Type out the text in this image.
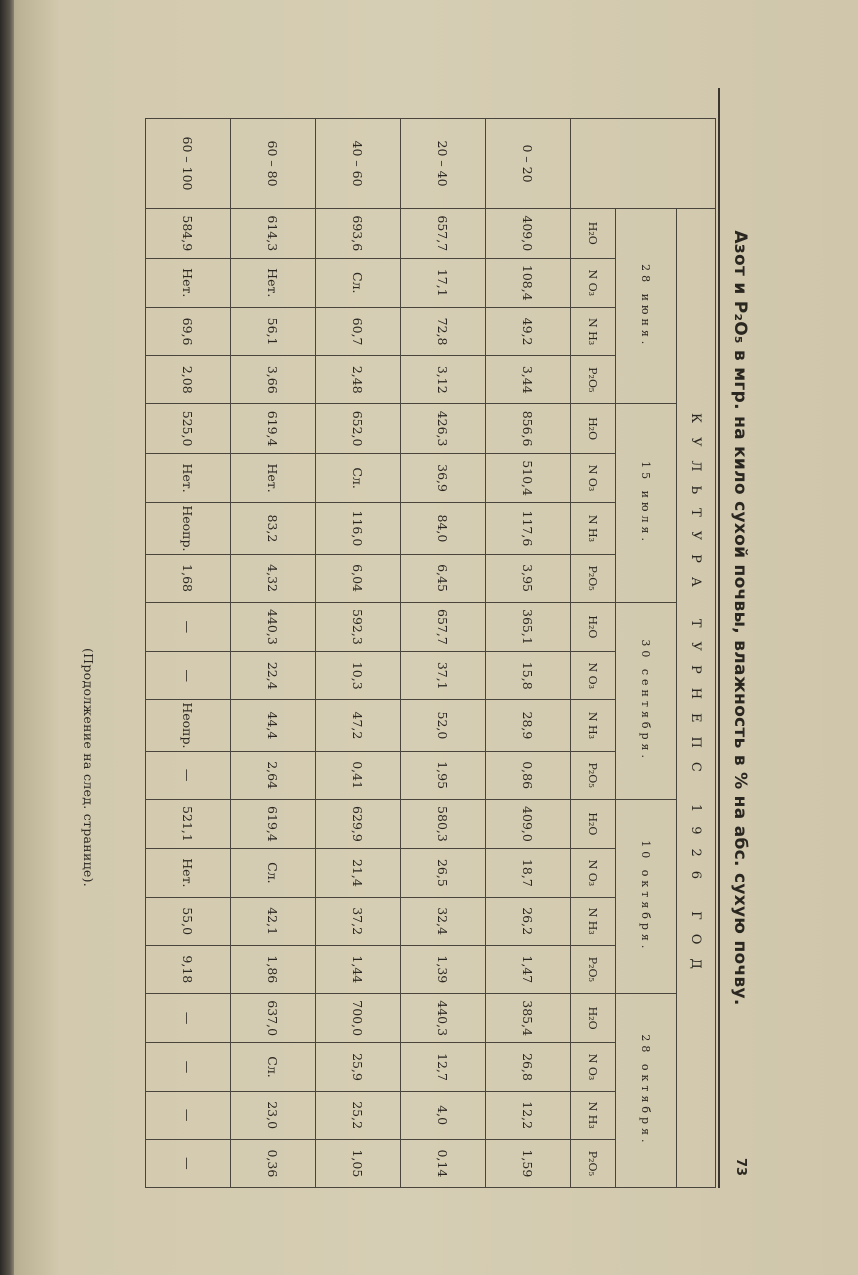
Азот и P₂O₅ в мгр. на кило сухой почвы, влажность в % на абс. сухую почву.
73
	КУЛЬТУРА ТУРНЕПС 1926 ГОД																			
	28 июня.				15 июля.				30 сентября.				10 октября.				28 октября.			
	H₂O	N O₃	N H₃	P₂O₅	H₂O	N O₃	N H₃	P₂O₅	H₂O	N O₃	N H₃	P₂O₅	H₂O	N O₃	N H₃	P₂O₅	H₂O	N O₃	N H₃	P₂O₅
0 – 20	409,0	108,4	49,2	3,44	856,6	510,4	117,6	3,95	365,1	15,8	28,9	0,86	409,0	18,7	26,2	1,47	385,4	26,8	12,2	1,59
20 – 40	657,7	17,1	72,8	3,12	426,3	36,9	84,0	6,45	657,7	37,1	52,0	1,95	580,3	26,5	32,4	1,39	440,3	12,7	4,0	0,14
40 – 60	693,6	Сл.	60,7	2,48	652,0	Сл.	116,0	6,04	592,3	10,3	47,2	0,41	629,9	21,4	37,2	1,44	700,0	25,9	25,2	1,05
60 – 80	614,3	Нет.	56,1	3,66	619,4	Нет.	83,2	4,32	440,3	22,4	44,4	2,64	619,4	Сл.	42,1	1,86	637,0	Сл.	23,0	0,36
60 – 100	584,9	Нет.	69,6	2,08	525,0	Нет.	Неопр.	1,68	—	—	Неопр.	—	521,1	Нет.	55,0	9,18	—	—	—	—
(Продолжение на след. странице).
